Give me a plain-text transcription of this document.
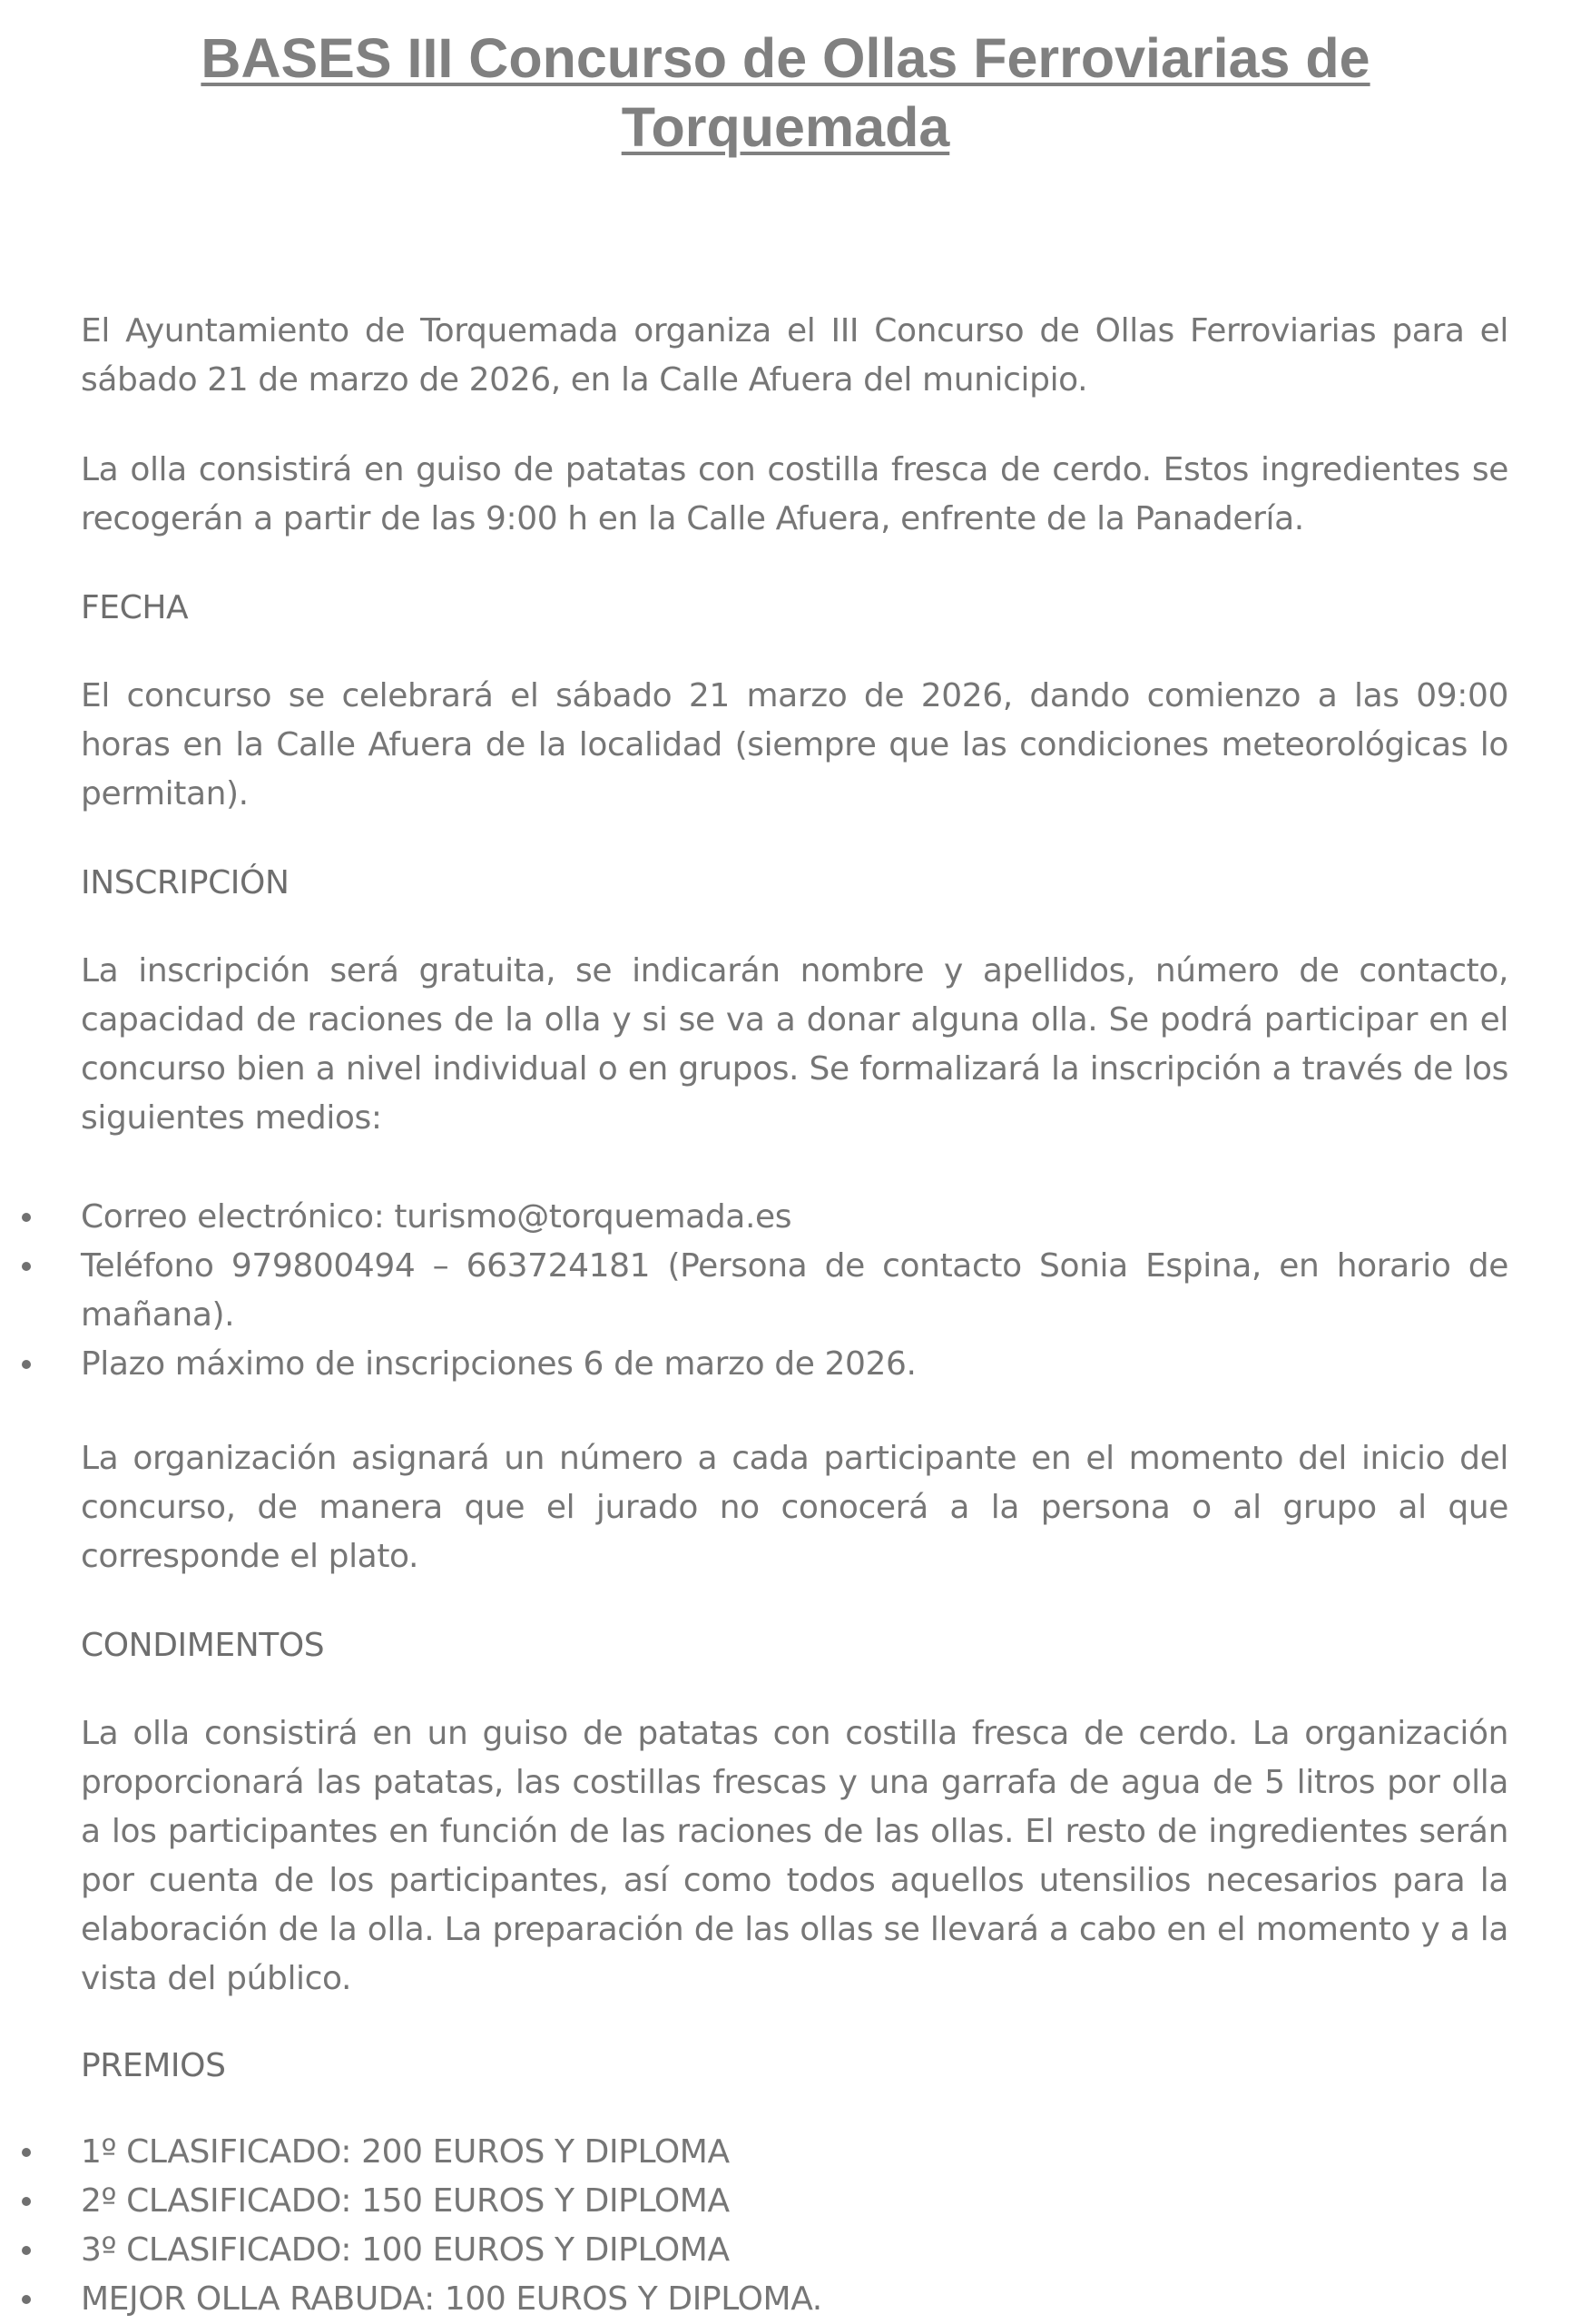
BASES III Concurso de Ollas Ferroviarias de
Torquemada

El Ayuntamiento de Torquemada organiza el III Concurso de Ollas Ferroviarias para el sábado 21 de marzo de 2026, en la Calle Afuera del municipio.

La olla consistirá en guiso de patatas con costilla fresca de cerdo. Estos ingredientes se recogerán a partir de las 9:00 h en la Calle Afuera, enfrente de la Panadería.

FECHA

El concurso se celebrará el sábado 21 marzo de 2026, dando comienzo a las 09:00 horas en la Calle Afuera de la localidad (siempre que las condiciones meteorológicas lo permitan).

INSCRIPCIÓN

La inscripción será gratuita, se indicarán nombre y apellidos, número de contacto, capacidad de raciones de la olla y si se va a donar alguna olla. Se podrá participar en el concurso bien a nivel individual o en grupos. Se formalizará la inscripción a través de los siguientes medios:

Correo electrónico: turismo@torquemada.es
Teléfono 979800494 – 663724181 (Persona de contacto Sonia Espina, en horario de mañana).
Plazo máximo de inscripciones 6 de marzo de 2026.

La organización asignará un número a cada participante en el momento del inicio del concurso, de manera que el jurado no conocerá a la persona o al grupo al que corresponde el plato.

CONDIMENTOS

La olla consistirá en un guiso de patatas con costilla fresca de cerdo. La organización proporcionará las patatas, las costillas frescas y una garrafa de agua de 5 litros por olla a los participantes en función de las raciones de las ollas. El resto de ingredientes serán por cuenta de los participantes, así como todos aquellos utensilios necesarios para la elaboración de la olla. La preparación de las ollas se llevará a cabo en el momento y a la vista del público.

PREMIOS
1º CLASIFICADO: 200 EUROS Y DIPLOMA
2º CLASIFICADO: 150 EUROS Y DIPLOMA
3º CLASIFICADO: 100 EUROS Y DIPLOMA
MEJOR OLLA RABUDA: 100 EUROS Y DIPLOMA.
